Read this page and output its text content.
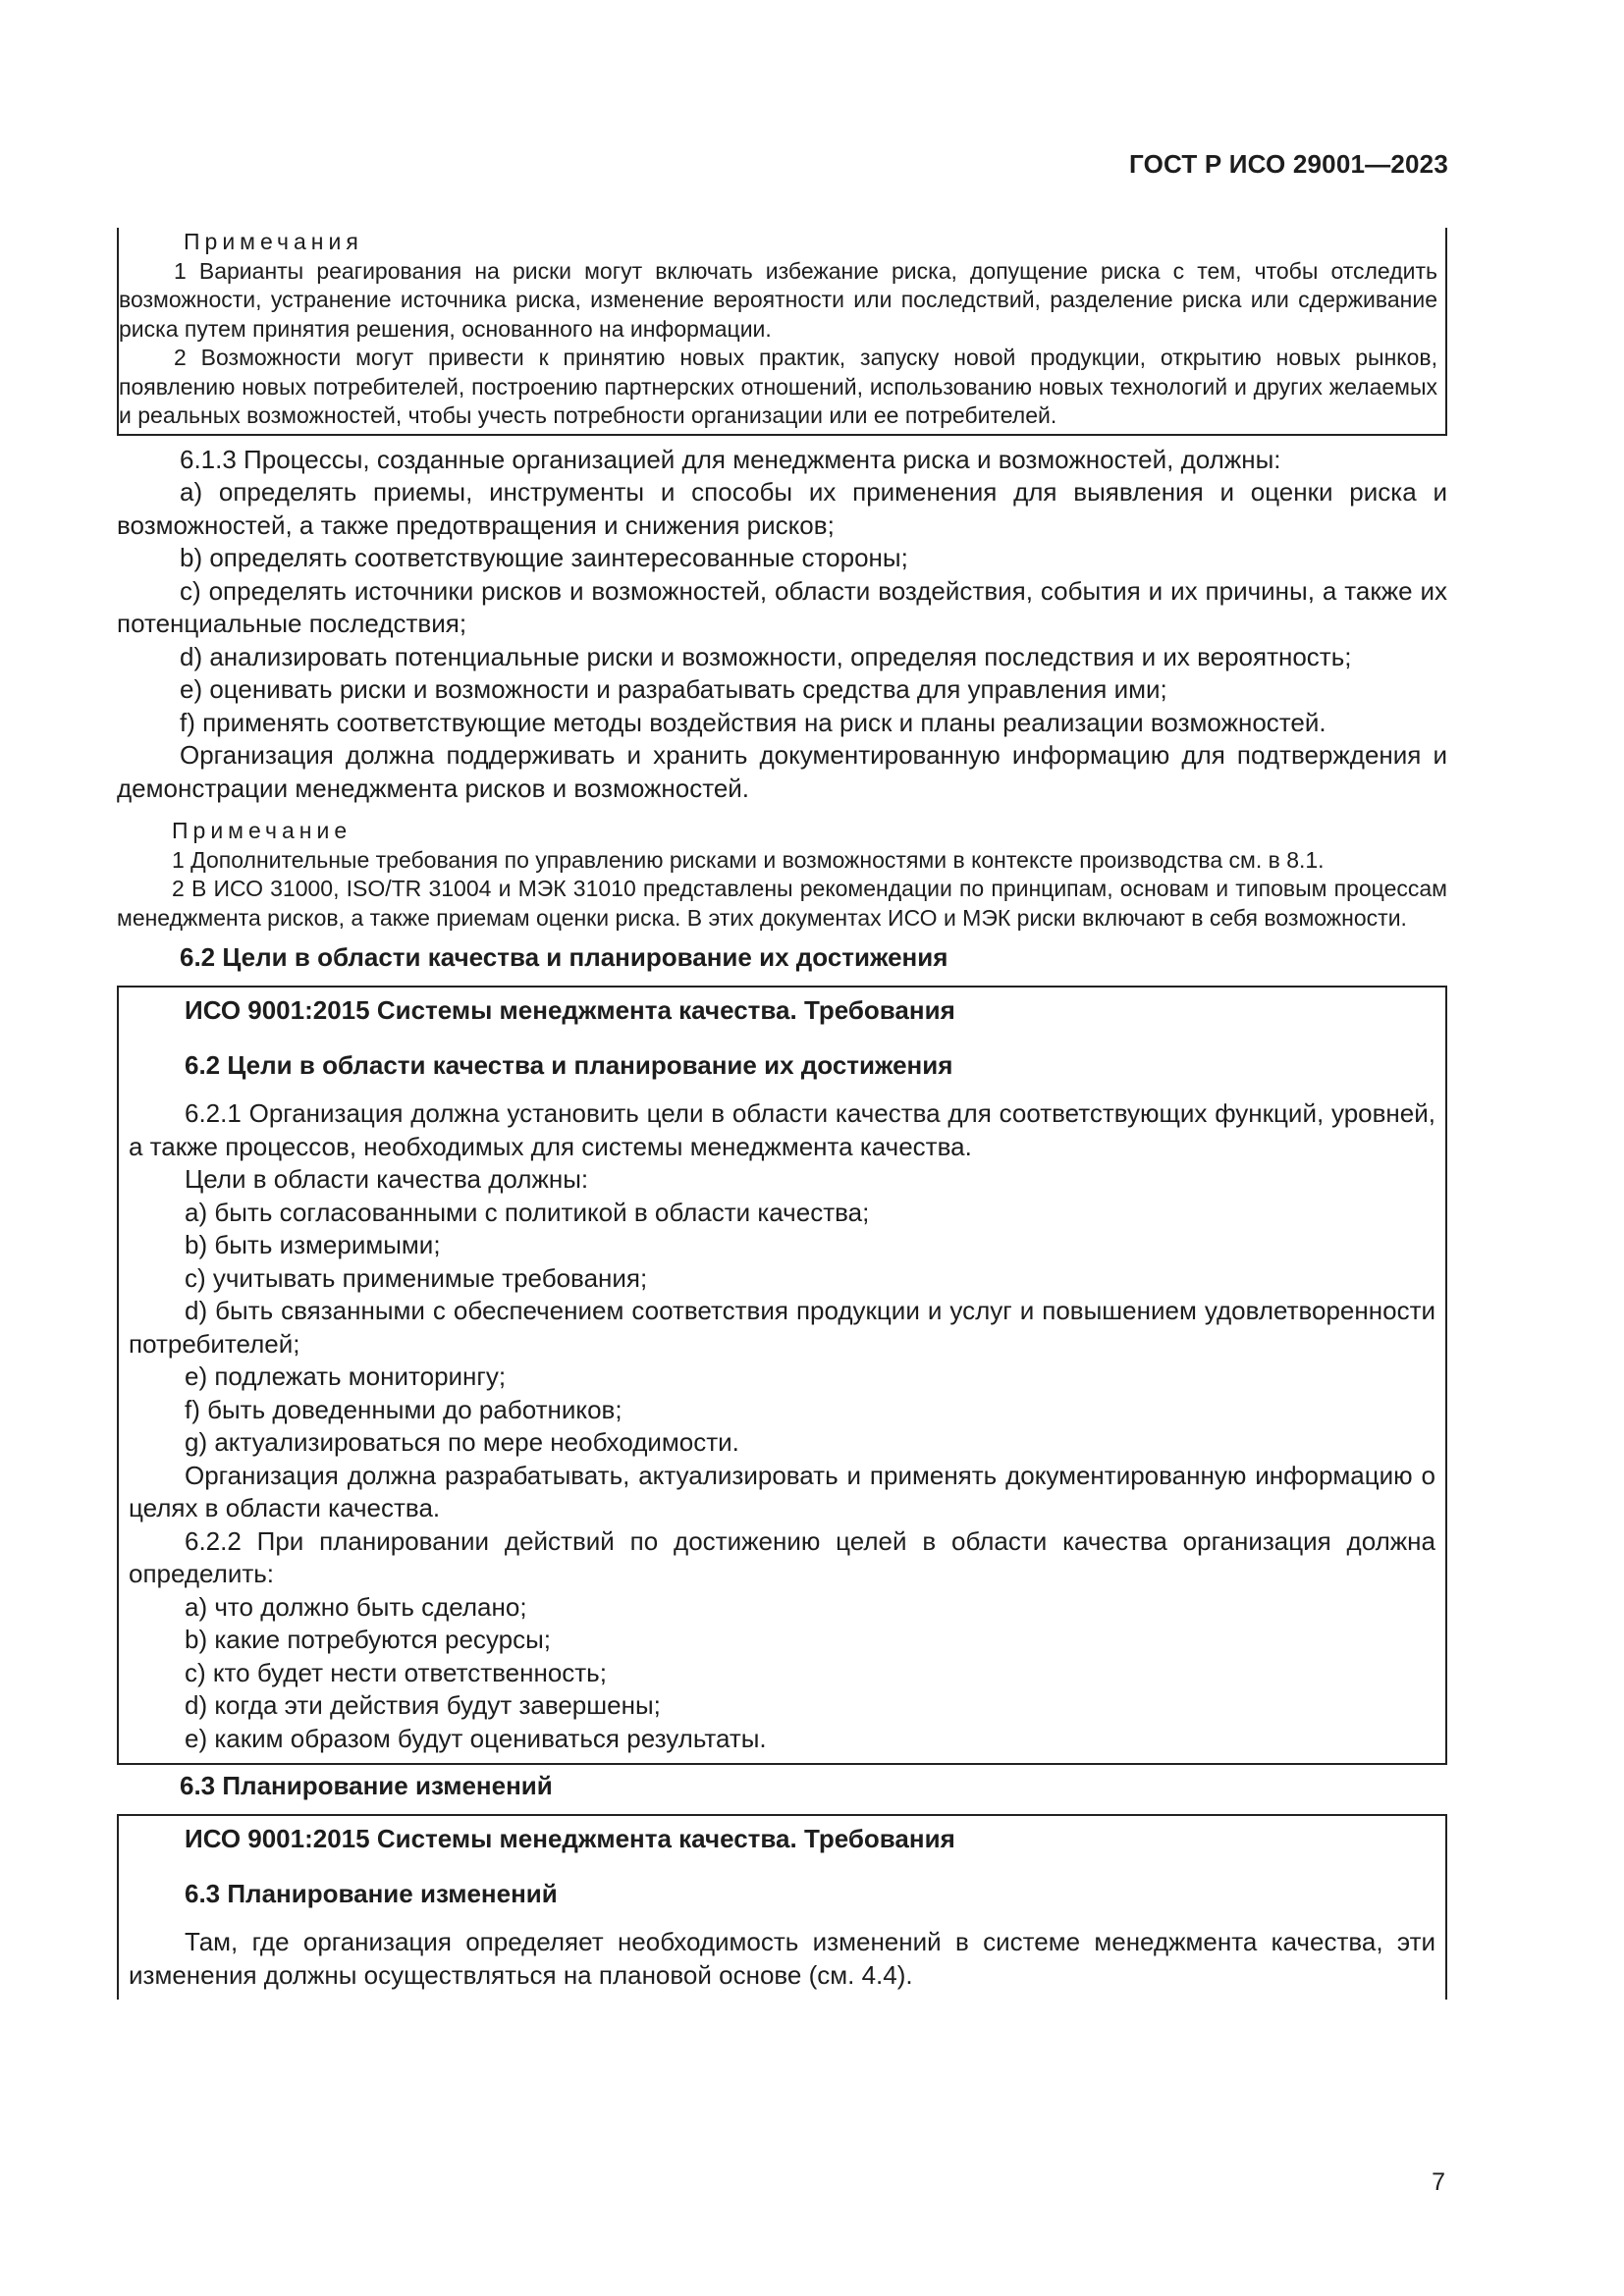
ГОСТ Р ИСО 29001—2023

Примечания

1 Варианты реагирования на риски могут включать избежание риска, допущение риска с тем, чтобы отследить возможности, устранение источника риска, изменение вероятности или последствий, разделение риска или сдерживание риска путем принятия решения, основанного на информации.

2 Возможности могут привести к принятию новых практик, запуску новой продукции, открытию новых рынков, появлению новых потребителей, построению партнерских отношений, использованию новых технологий и других желаемых и реальных возможностей, чтобы учесть потребности организации или ее потребителей.

6.1.3 Процессы, созданные организацией для менеджмента риска и возможностей, должны:

a) определять приемы, инструменты и способы их применения для выявления и оценки риска и возможностей, а также предотвращения и снижения рисков;

b) определять соответствующие заинтересованные стороны;

c) определять источники рисков и возможностей, области воздействия, события и их причины, а также их потенциальные последствия;

d) анализировать потенциальные риски и возможности, определяя последствия и их вероятность;

e) оценивать риски и возможности и разрабатывать средства для управления ими;

f) применять соответствующие методы воздействия на риск и планы реализации возможностей.

Организация должна поддерживать и хранить документированную информацию для подтверждения и демонстрации менеджмента рисков и возможностей.

Примечание

1 Дополнительные требования по управлению рисками и возможностями в контексте производства см. в 8.1.

2 В ИСО 31000, ISO/TR 31004 и МЭК 31010 представлены рекомендации по принципам, основам и типовым процессам менеджмента рисков, а также приемам оценки риска. В этих документах ИСО и МЭК риски включают в себя возможности.

6.2 Цели в области качества и планирование их достижения

ИСО 9001:2015 Системы менеджмента качества. Требования

6.2 Цели в области качества и планирование их достижения

6.2.1 Организация должна установить цели в области качества для соответствующих функций, уровней, а также процессов, необходимых для системы менеджмента качества.

Цели в области качества должны:

a) быть согласованными с политикой в области качества;

b) быть измеримыми;

c) учитывать применимые требования;

d) быть связанными с обеспечением соответствия продукции и услуг и повышением удовлетворенности потребителей;

e) подлежать мониторингу;

f) быть доведенными до работников;

g) актуализироваться по мере необходимости.

Организация должна разрабатывать, актуализировать и применять документированную информацию о целях в области качества.

6.2.2 При планировании действий по достижению целей в области качества организация должна определить:

a) что должно быть сделано;

b) какие потребуются ресурсы;

c) кто будет нести ответственность;

d) когда эти действия будут завершены;

e) каким образом будут оцениваться результаты.

6.3 Планирование изменений

ИСО 9001:2015 Системы менеджмента качества. Требования

6.3 Планирование изменений

Там, где организация определяет необходимость изменений в системе менеджмента качества, эти изменения должны осуществляться на плановой основе (см. 4.4).

7
